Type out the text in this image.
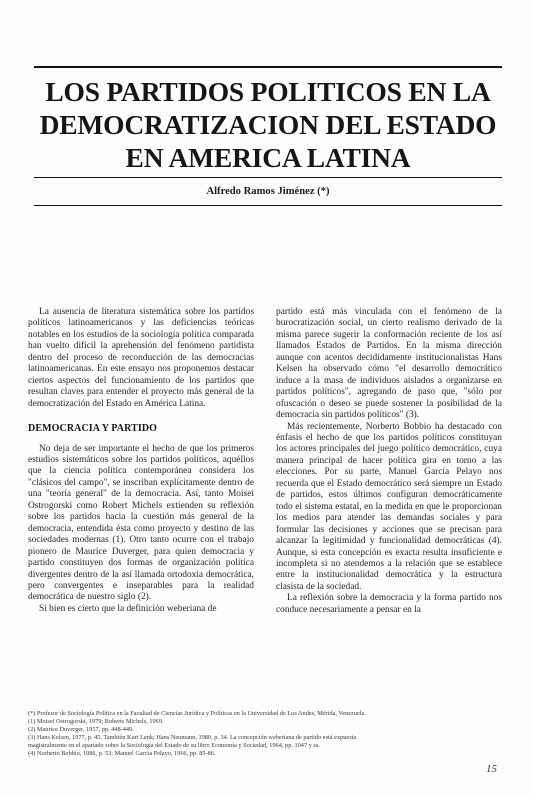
LOS PARTIDOS POLITICOS EN LA
DEMOCRATIZACION DEL ESTADO
EN AMERICA LATINA
Alfredo Ramos Jiménez (*)

La ausencia de literatura sistemática sobre los partidos políticos latinoamericanos y las deficiencias teóricas notables en los estudios de la sociología política comparada han vuelto difícil la aprehensión del fenómeno partidista dentro del proceso de reconducción de las democracias latinoamericanas. En este ensayo nos proponemos destacar ciertos aspectos del funcionamiento de los partidos que resultan claves para entender el proyecto más general de la democratización del Estado en América Latina.

DEMOCRACIA Y PARTIDO

No deja de ser importante el hecho de que los primeros estudios sistemáticos sobre los partidos políticos, aquéllos que la ciencia política contemporánea considera los "clásicos del campo", se inscriban explícitamente dentro de una "teoría general" de la democracia. Así, tanto Moisei Ostrogorski como Robert Michels extienden su reflexión sobre los partidos hacia la cuestión más general de la democracia, entendida ésta como proyecto y destino de las sociedades modernas (1). Otro tanto ocurre con el trabajo pionero de Maurice Duverger, para quien democracia y partido constituyen dos formas de organización política divergentes dentro de la así llamada ortodoxia democrática, pero convergentes e inseparables para la realidad democrática de nuestro siglo (2).

Si bien es cierto que la definición weberiana de

partido está más vinculada con el fenómeno de la burocratización social, un cierto realismo derivado de la misma parece sugerir la conformación reciente de los así llamados Estados de Partidos. En la misma dirección aunque con acentos decididamente institucionalistas Hans Kelsen ha observado cómo "el desarrollo democrático induce a la masa de individuos aislados a organizarse en partidos políticos", agregando de paso que, "sólo por ofuscación o deseo se puede sostener la posibilidad de la democracia sin partidos políticos" (3).

Más recientemente, Norberto Bobbio ha destacado con énfasis el hecho de que los partidos políticos constituyan los actores principales del juego político democrático, cuya manera principal de hacer política gira en torno a las elecciones. Por su parte, Manuel García Pelayo nos recuerda que el Estado democrático será siempre un Estado de partidos, estos últimos configuran democráticamente todo el sistema estatal, en la medida en que le proporcionan los medios para atender las demandas sociales y para formular las decisiones y acciones que se precisan para alcanzar la legitimidad y funcionalidad democráticas (4). Aunque, si esta concepción es exacta resulta insuficiente e incompleta si no atendemos a la relación que se establece entre la institucionalidad democrática y la estructura clasista de la sociedad.

La reflexión sobre la democracia y la forma partido nos conduce necesariamente a pensar en la

(*) Profesor de Sociología Política en la Facultad de Ciencias Jurídica y Políticas en la Universidad de Los Andes, Mérida, Venezuela.
(1) Moisei Ostrogorski, 1979; Roberts Michels, 1969.
(2) Maurice Duverger, 1957, pp. 448-449.
(3) Hans Kelsen, 1977, p. 45. También Kurt Lenk; Hans Neumann, 1980, p. 34. La concepción weberiana de partido está expuesta
magistralmente en el apartado sobre la Sociología del Estado de su libro Economía y Sociedad, 1964, pp. 1047 y ss.
(4) Norberto Bobbio, 1986, p. 53; Manuel García Pelayo, 1966, pp. 85-86.
15
